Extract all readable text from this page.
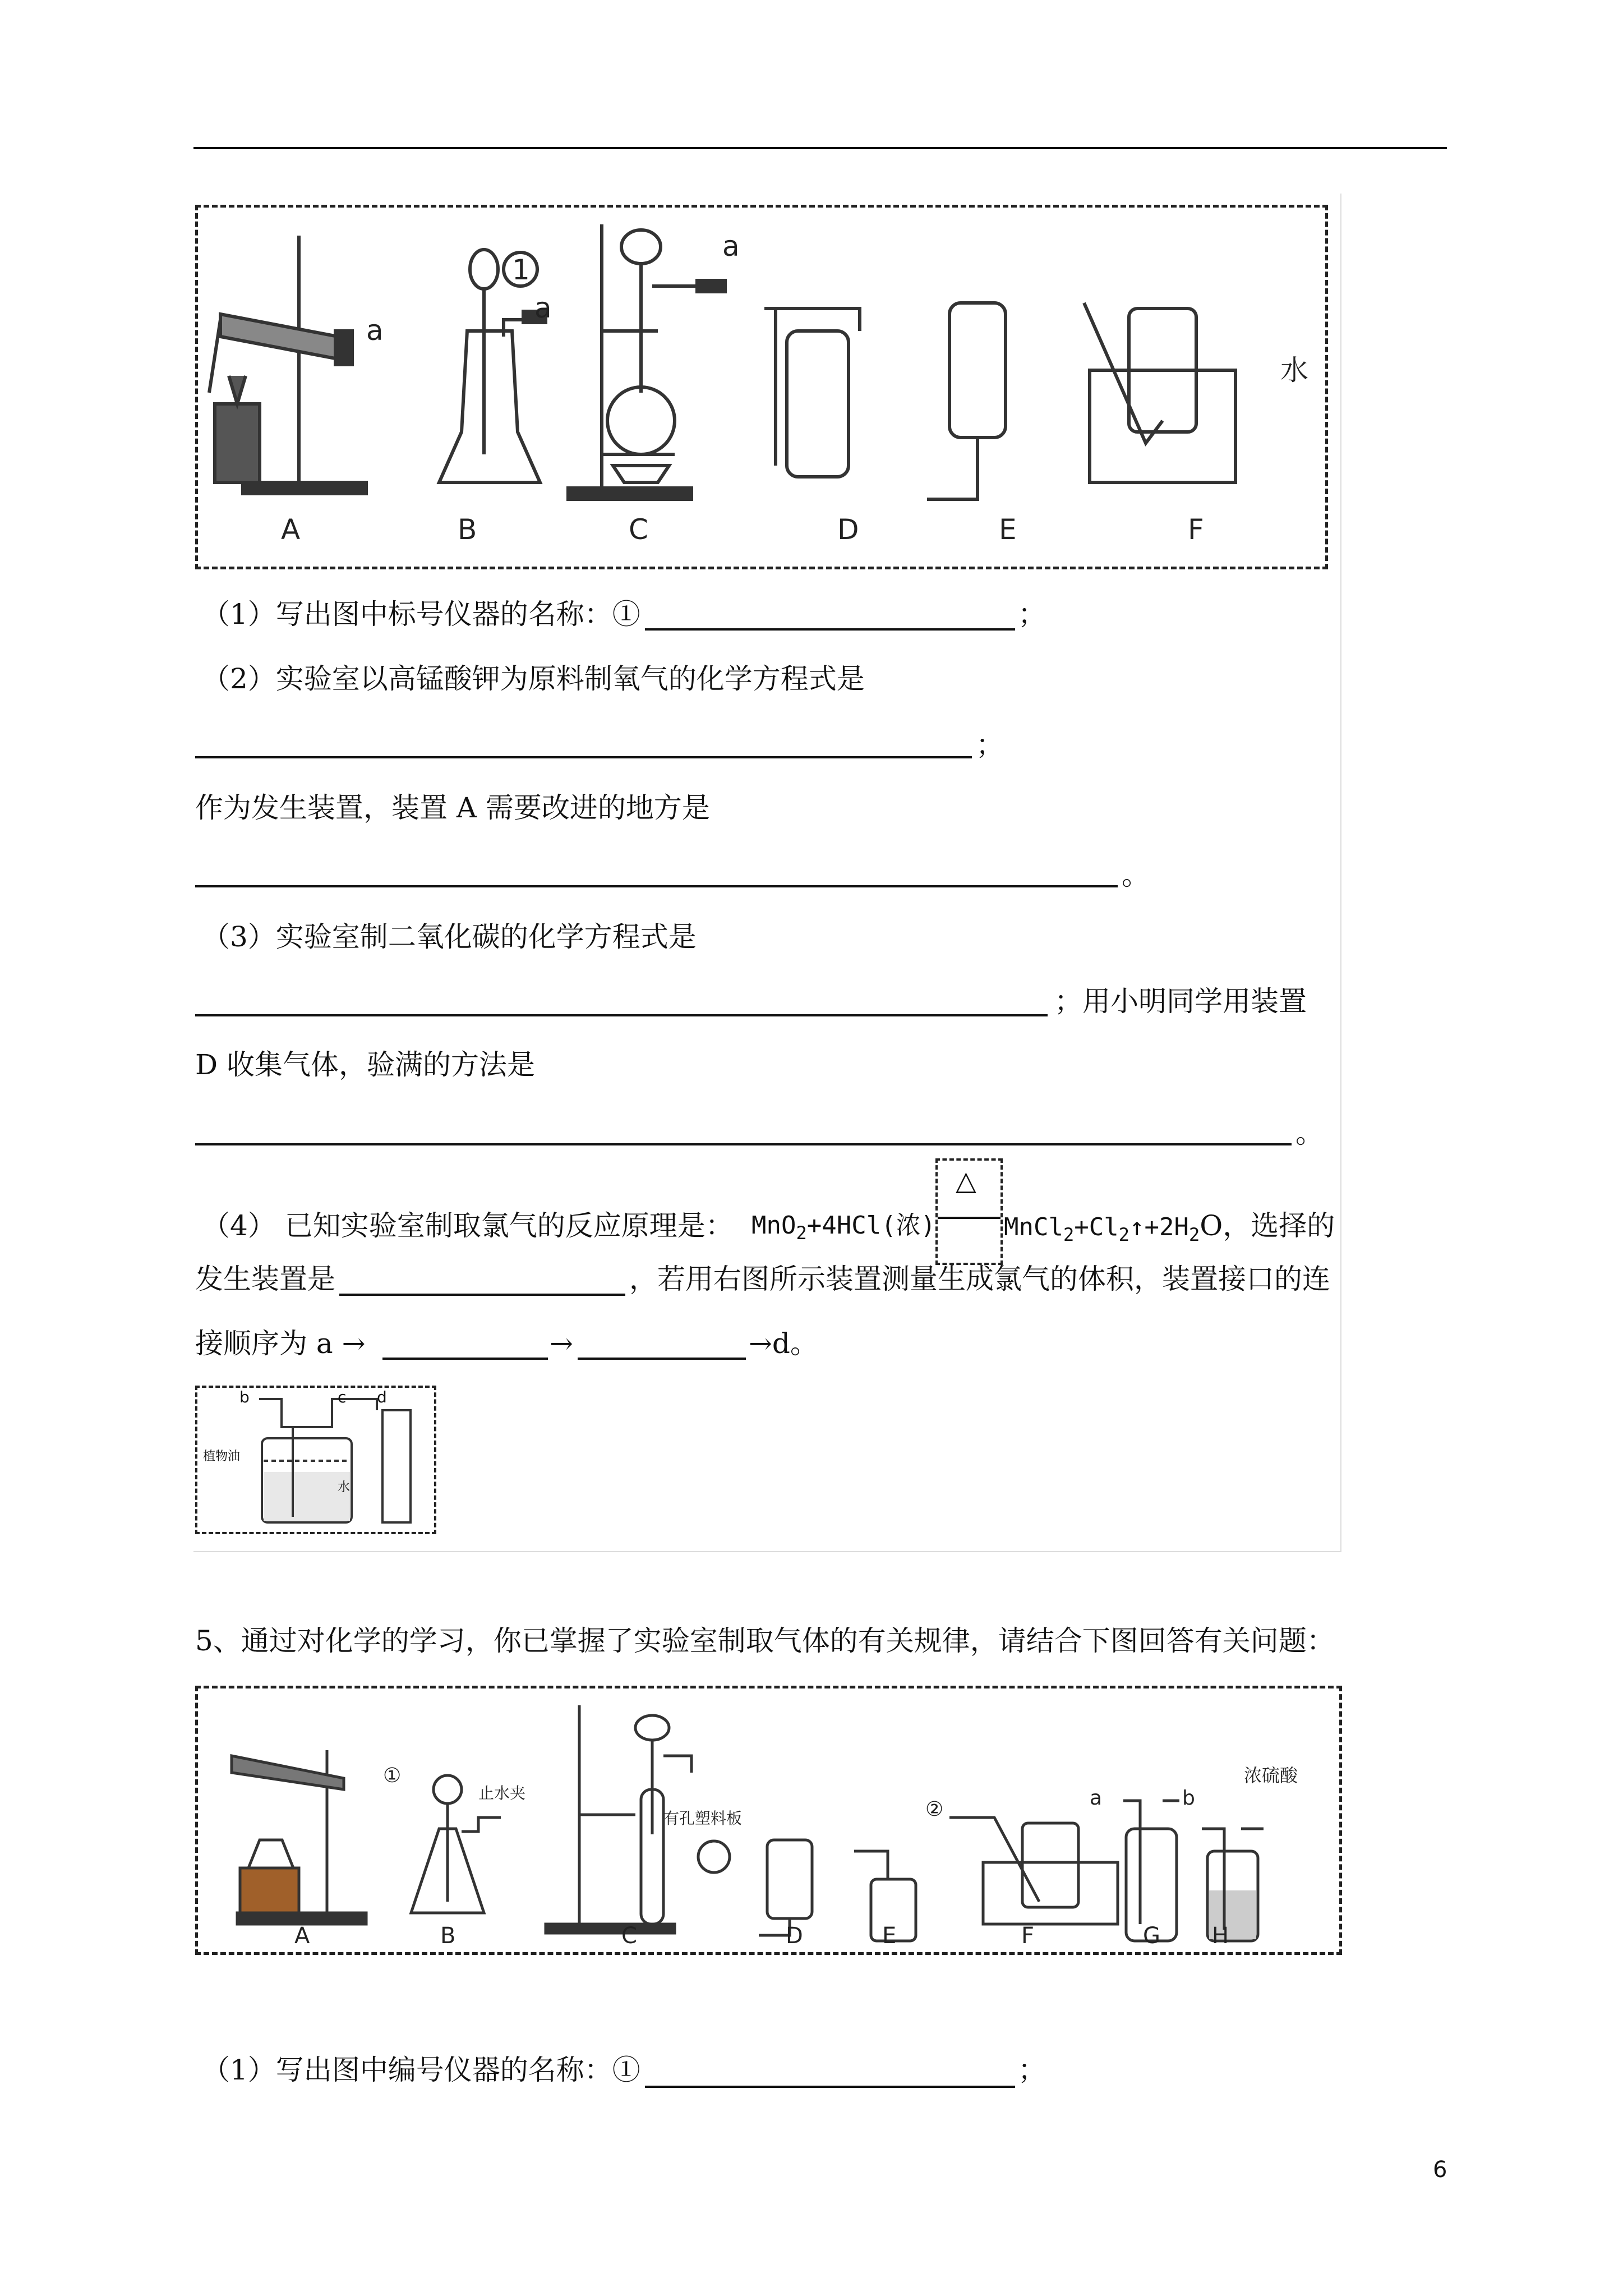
A	B	C	D	E	F
a
a
a
1
水
（1）写出图中标号仪器的名称：①	；
（2）实验室以高锰酸钾为原料制氧气的化学方程式是
；
作为发生装置，装置 A 需要改进的地方是
。
（3）实验室制二氧化碳的化学方程式是
；用小明同学用装置
D 收集气体，验满的方法是
。
（4） 已知实验室制取氯气的反应原理是： MnO$_2$+4HCl(浓)
△
$MnCl_2+Cl_2↑+2H_2O$，选择的
发生装置是	，若用右图所示装置测量生成氯气的体积，装置接口的连
接顺序为 a →	→	→d。
b	c d
植物油
水
5、通过对化学的学习，你已掌握了实验室制取气体的有关规律，请结合下图回答有关问题：
A	B	C	D	E	F	G H
①
②
止水夹
有孔塑料板
浓硫酸
a	b
（1）写出图中编号仪器的名称：①	；
6
